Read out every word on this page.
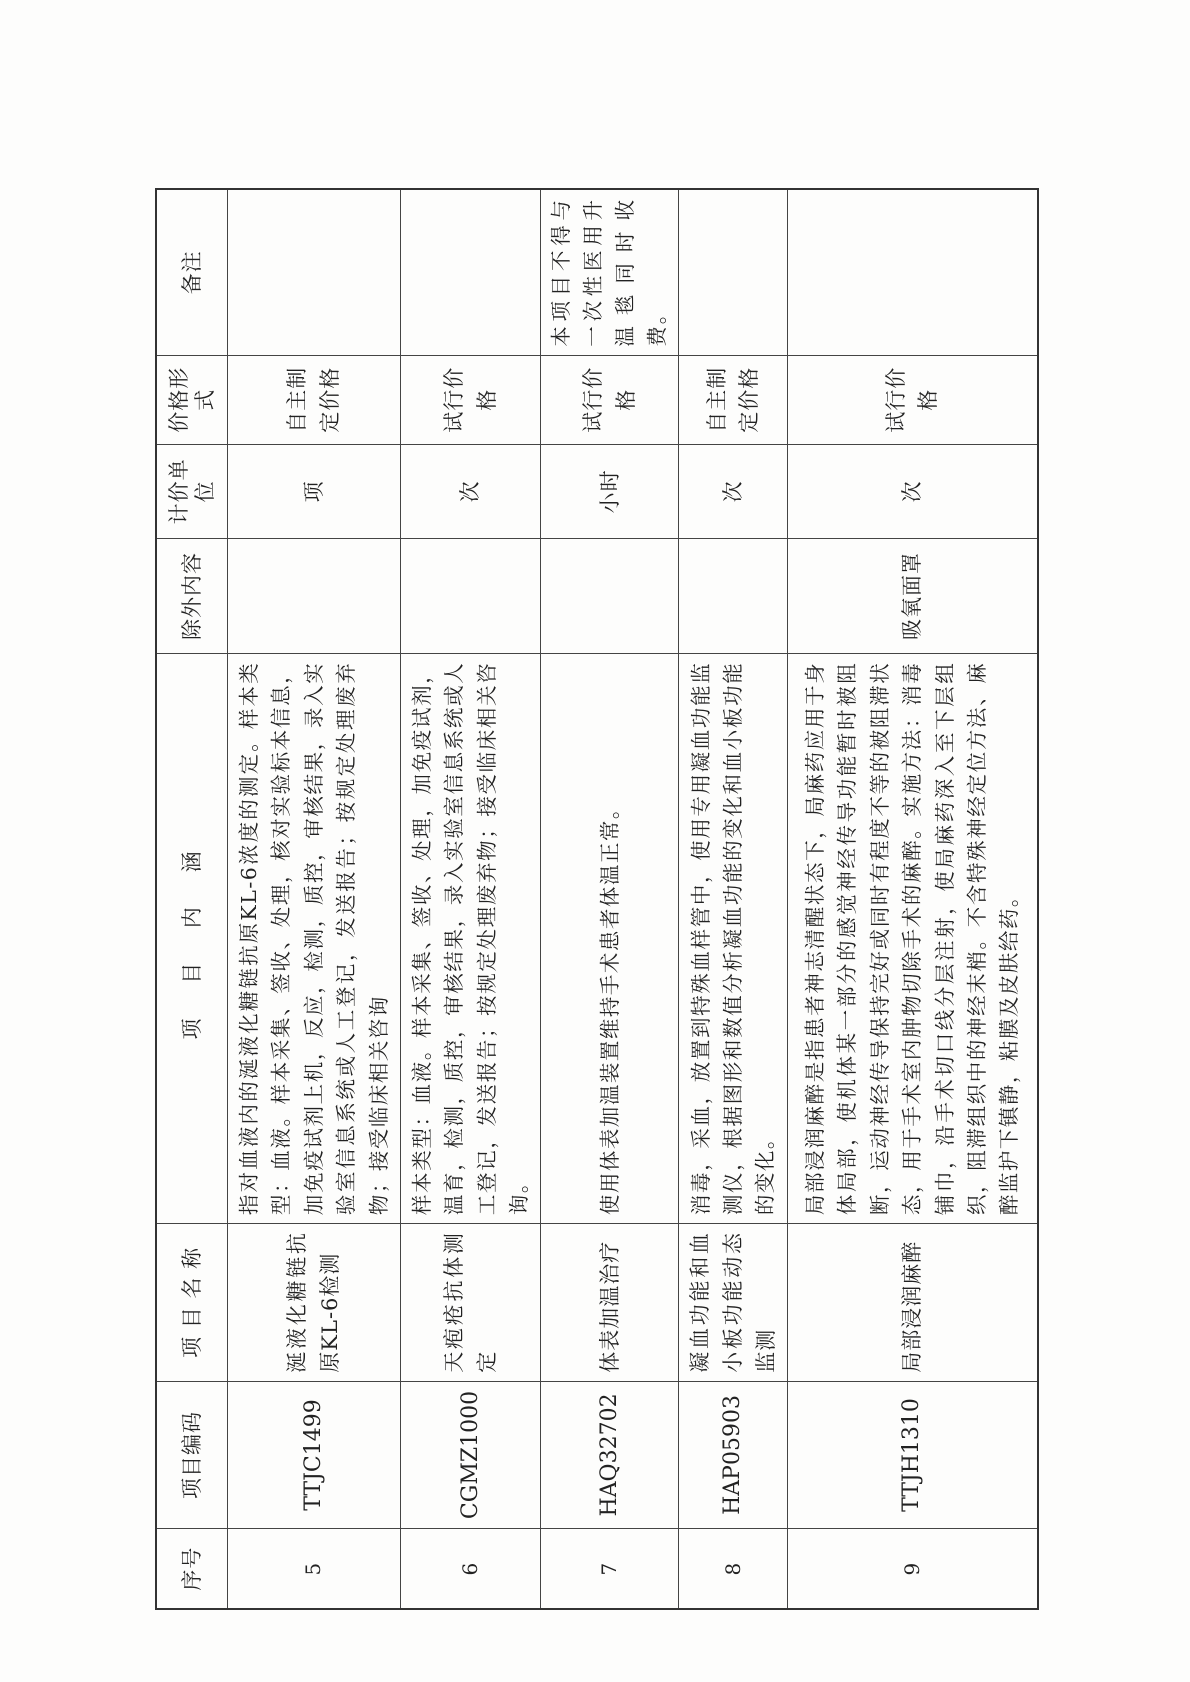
序号	项目编码	项 目 名 称	项 目 内 涵	除外内容	计价单位	价格形式	备注
5	TTJC1499	涎液化糖链抗原KL-6检测	指对血液内的涎液化糖链抗原KL-6浓度的测定。样本类型：血液。样本采集、签收、处理，核对实验标本信息，加免疫试剂上机，反应，检测，质控，审核结果，录入实验室信息系统或人工登记，发送报告；按规定处理废弃物；接受临床相关咨询		项	自主制定价格	
6	CGMZ1000	天疱疮抗体测定	样本类型：血液。样本采集、签收、处理，加免疫试剂，温育，检测，质控，审核结果，录入实验室信息系统或人工登记，发送报告；按规定处理废弃物；接受临床相关咨询。		次	试行价格	
7	HAQ32702	体表加温治疗	使用体表加温装置维持手术患者体温正常。		小时	试行价格	本项目不得与一次性医用升温毯同时收费。
8	HAP05903	凝血功能和血小板功能动态监测	消毒，采血，放置到特殊血样管中，使用专用凝血功能监测仪，根据图形和数值分析凝血功能的变化和血小板功能的变化。		次	自主制定价格	
9	TTJH1310	局部浸润麻醉	局部浸润麻醉是指患者神志清醒状态下，局麻药应用于身体局部，使机体某一部分的感觉神经传导功能暂时被阻断，运动神经传导保持完好或同时有程度不等的被阻滞状态，用于手术室内肿物切除手术的麻醉。实施方法：消毒铺巾，沿手术切口线分层注射，使局麻药深入至下层组织，阻滞组织中的神经末梢。不含特殊神经定位方法、麻醉监护下镇静，粘膜及皮肤给药。	吸氧面罩	次	试行价格	
